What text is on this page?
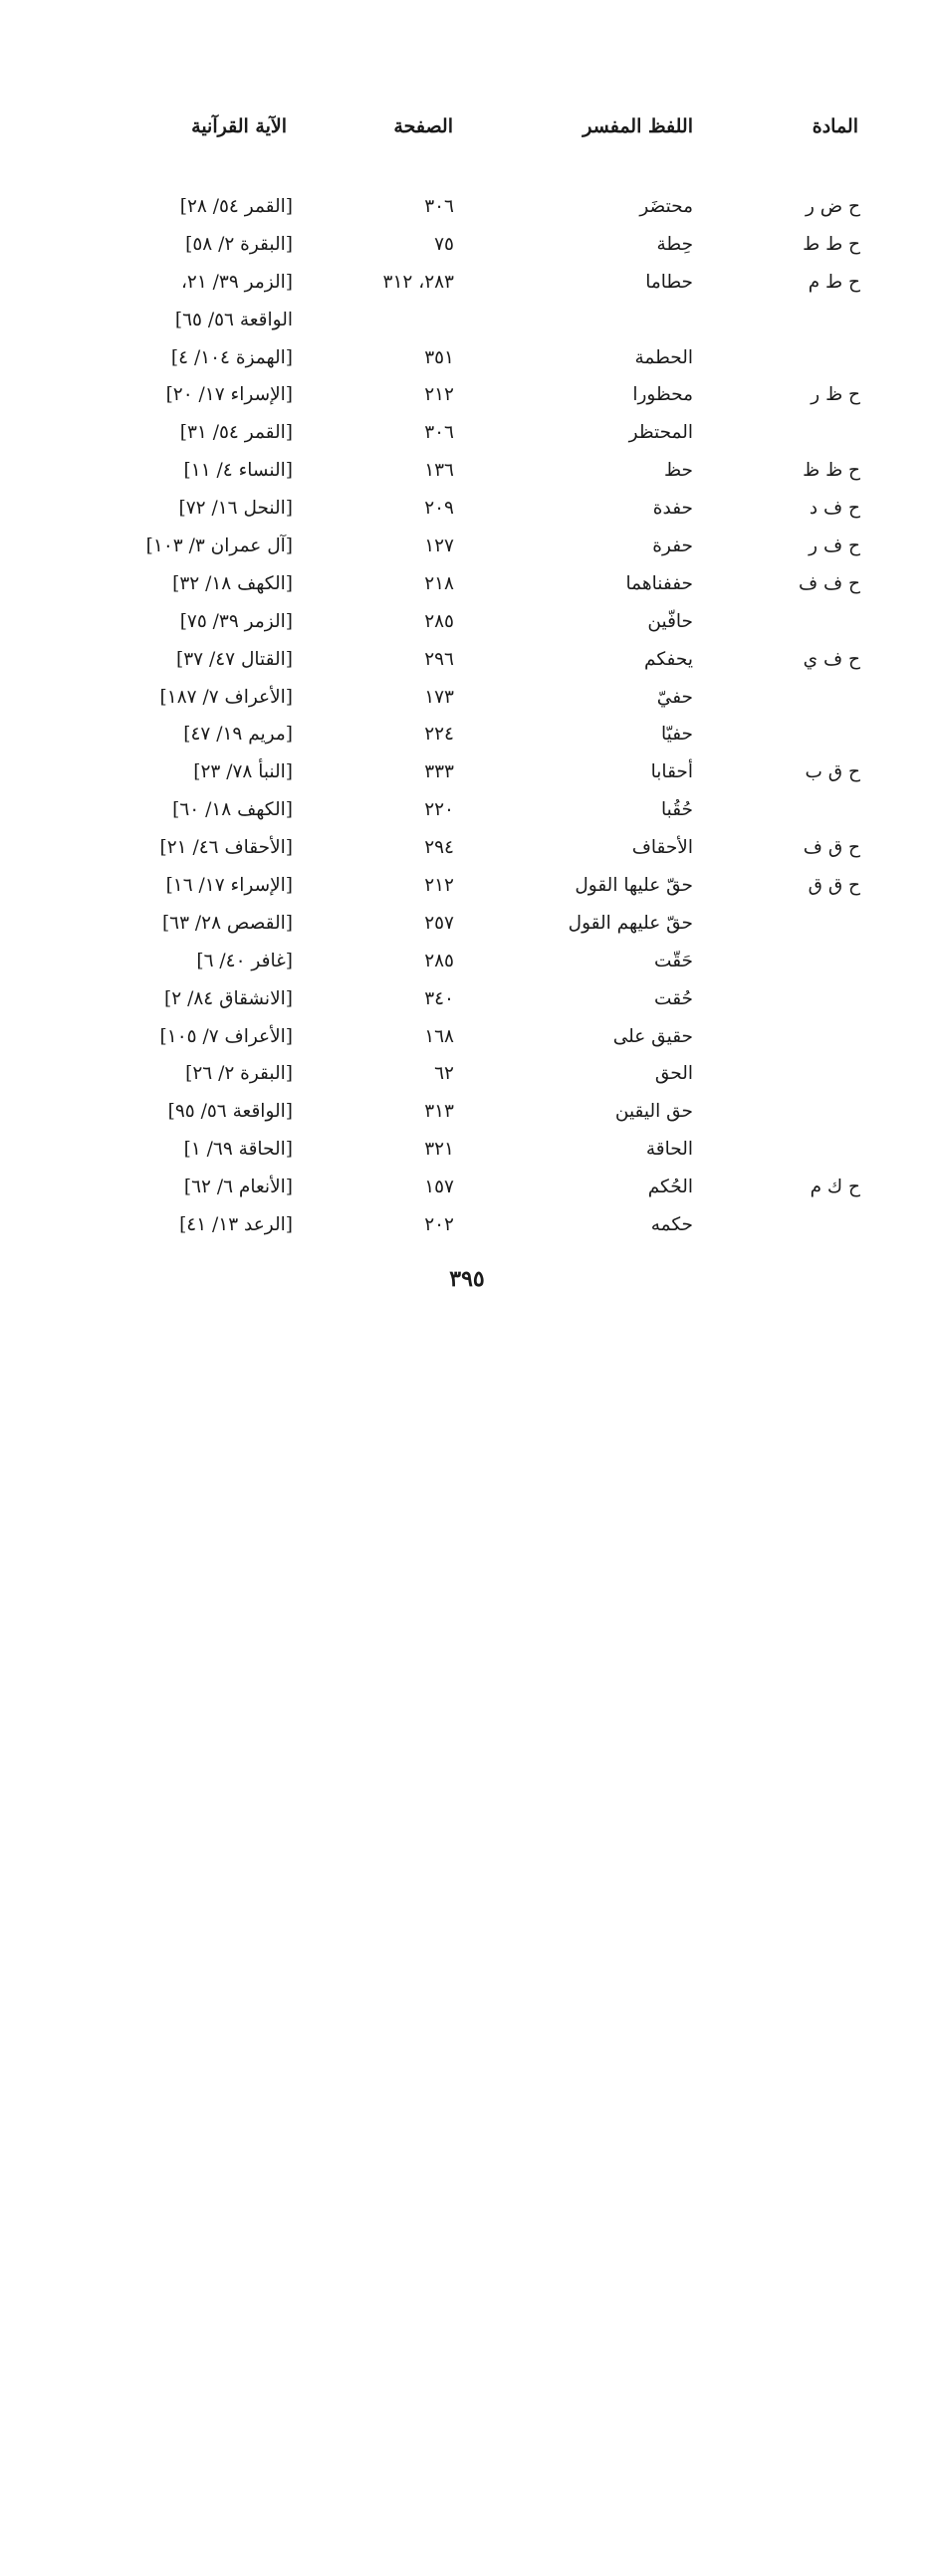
المادة
اللفظ المفسر
الصفحة
الآية القرآنية
ح ض ر
محتضَر
٣٠٦
[القمر ٥٤/ ٢٨]
ح ط ط
حِطة
٧٥
[البقرة ٢/ ٥٨]
ح ط م
حطاما
٢٨٣، ٣١٢
[الزمر ٣٩/ ٢١،
الواقعة ٥٦/ ٦٥]
الحطمة
٣٥١
[الهمزة ١٠٤/ ٤]
ح ظ ر
محظورا
٢١٢
[الإسراء ١٧/ ٢٠]
المحتظر
٣٠٦
[القمر ٥٤/ ٣١]
ح ظ ظ
حظ
١٣٦
[النساء ٤/ ١١]
ح ف د
حفدة
٢٠٩
[النحل ١٦/ ٧٢]
ح ف ر
حفرة
١٢٧
[آل عمران ٣/ ١٠٣]
ح ف ف
حففناهما
٢١٨
[الكهف ١٨/ ٣٢]
حافّين
٢٨٥
[الزمر ٣٩/ ٧٥]
ح ف ي
يحفكم
٢٩٦
[القتال ٤٧/ ٣٧]
حفيّ
١٧٣
[الأعراف ٧/ ١٨٧]
حفيّا
٢٢٤
[مريم ١٩/ ٤٧]
ح ق ب
أحقابا
٣٣٣
[النبأ ٧٨/ ٢٣]
حُقُبا
٢٢٠
[الكهف ١٨/ ٦٠]
ح ق ف
الأحقاف
٢٩٤
[الأحقاف ٤٦/ ٢١]
ح ق ق
حقّ عليها القول
٢١٢
[الإسراء ١٧/ ١٦]
حقّ عليهم القول
٢٥٧
[القصص ٢٨/ ٦٣]
حَقّت
٢٨٥
[غافر ٤٠/ ٦]
حُقت
٣٤٠
[الانشقاق ٨٤/ ٢]
حقيق على
١٦٨
[الأعراف ٧/ ١٠٥]
الحق
٦٢
[البقرة ٢/ ٢٦]
حق اليقين
٣١٣
[الواقعة ٥٦/ ٩٥]
الحاقة
٣٢١
[الحاقة ٦٩/ ١]
ح ك م
الحُكم
١٥٧
[الأنعام ٦/ ٦٢]
حكمه
٢٠٢
[الرعد ١٣/ ٤١]
٣٩٥
